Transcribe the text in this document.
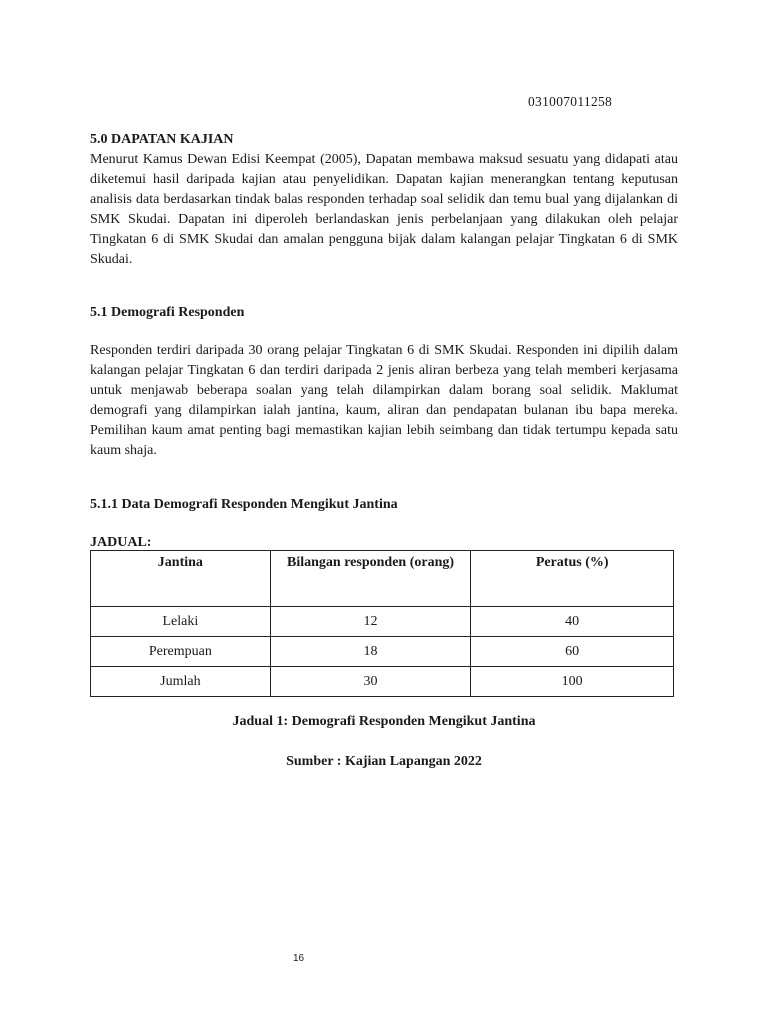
031007011258

5.0 DAPATAN KAJIAN

Menurut Kamus Dewan Edisi Keempat (2005), Dapatan membawa maksud sesuatu yang didapati atau diketemui hasil daripada kajian atau penyelidikan. Dapatan kajian menerangkan tentang keputusan analisis data berdasarkan tindak balas responden terhadap soal selidik dan temu bual yang dijalankan di SMK Skudai. Dapatan ini diperoleh berlandaskan jenis perbelanjaan yang dilakukan oleh pelajar Tingkatan 6 di SMK Skudai dan amalan pengguna bijak dalam kalangan pelajar Tingkatan 6 di SMK Skudai.

5.1 Demografi Responden

Responden terdiri daripada 30 orang pelajar Tingkatan 6 di SMK Skudai. Responden ini dipilih dalam kalangan pelajar Tingkatan 6 dan terdiri daripada 2 jenis aliran berbeza yang telah memberi kerjasama untuk menjawab beberapa soalan yang telah dilampirkan dalam borang soal selidik. Maklumat demografi yang dilampirkan ialah jantina, kaum, aliran dan pendapatan bulanan ibu bapa mereka. Pemilihan kaum amat penting bagi memastikan kajian lebih seimbang dan tidak tertumpu kepada satu kaum shaja.

5.1.1 Data Demografi Responden Mengikut Jantina

JADUAL:

Jantina	Bilangan responden (orang)	Peratus (%)
Lelaki	12	40
Perempuan	18	60
Jumlah	30	100
Jadual 1: Demografi Responden Mengikut Jantina
Sumber : Kajian Lapangan 2022
16
